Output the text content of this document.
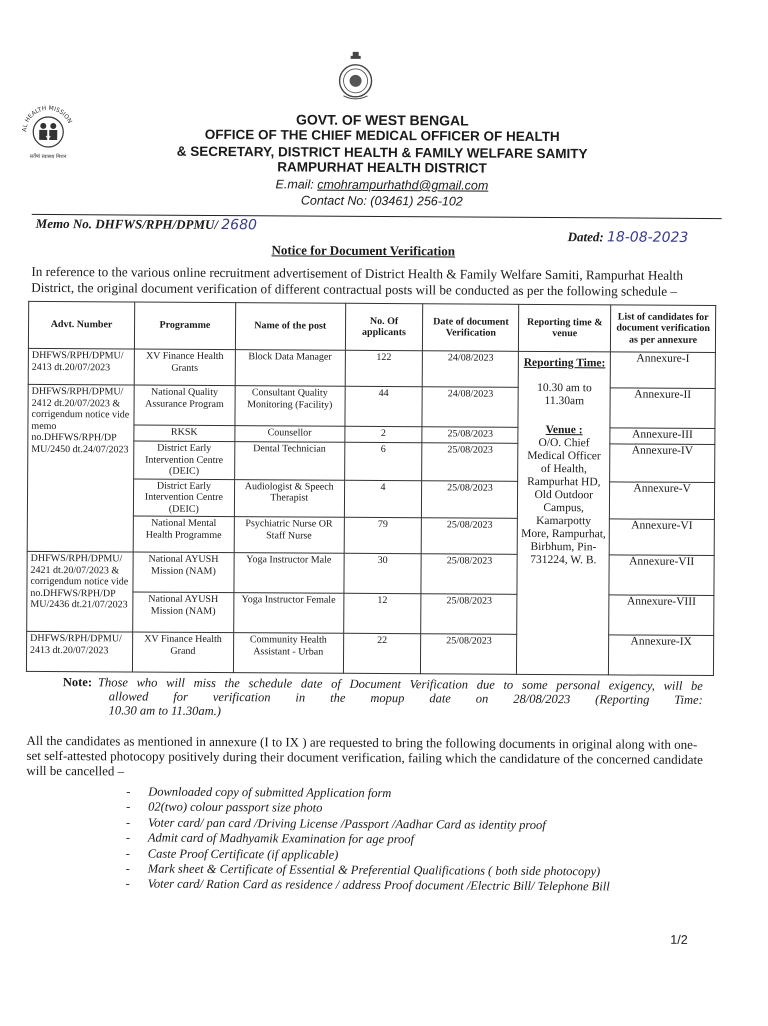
AL HEALTH MISSION
सर्वेषां स्वास्थ्य मिशन
GOVT. OF WEST BENGAL
OFFICE OF THE CHIEF MEDICAL OFFICER OF HEALTH
& SECRETARY, DISTRICT HEALTH & FAMILY WELFARE SAMITY
RAMPURHAT HEALTH DISTRICT
E.mail: cmohrampurhathd@gmail.com
Contact No: (03461) 256-102
Memo No. DHFWS/RPH/DPMU/ 2680
Dated: 18-08-2023
Notice for Document Verification
In reference to the various online recruitment advertisement of District Health & Family Welfare Samiti, Rampurhat Health District, the original document verification of different contractual posts will be conducted as per the following schedule –
Advt. Number	Programme	Name of the post	No. Of applicants	Date of document Verification	Reporting time & venue	List of candidates for document verification as per annexure
DHFWS/RPH/DPMU/ 2413 dt.20/07/2023	XV Finance Health Grants	Block Data Manager	122	24/08/2023	Reporting Time:
10.30 am to 11.30am
Venue :
O/O. Chief Medical Officer of Health, Rampurhat HD, Old Outdoor Campus, Kamarpotty More, Rampurhat, Birbhum, Pin- 731224, W. B.	Annexure-I
DHFWS/RPH/DPMU/ 2412 dt.20/07/2023 & corrigendum notice vide memo no.DHFWS/RPH/DP MU/2450 dt.24/07/2023	National Quality Assurance Program	Consultant Quality Monitoring (Facility)	44	24/08/2023		Annexure-II
	RKSK	Counsellor	2	25/08/2023		Annexure-III
	District Early Intervention Centre (DEIC)	Dental Technician	6	25/08/2023		Annexure-IV
	District Early Intervention Centre (DEIC)	Audiologist & Speech Therapist	4	25/08/2023		Annexure-V
	National Mental Health Programme	Psychiatric Nurse OR Staff Nurse	79	25/08/2023		Annexure-VI
DHFWS/RPH/DPMU/ 2421 dt.20/07/2023 & corrigendum notice vide no.DHFWS/RPH/DP MU/2436 dt.21/07/2023	National AYUSH Mission (NAM)	Yoga Instructor Male	30	25/08/2023		Annexure-VII
	National AYUSH Mission (NAM)	Yoga Instructor Female	12	25/08/2023		Annexure-VIII
DHFWS/RPH/DPMU/ 2413 dt.20/07/2023	XV Finance Health Grand	Community Health Assistant - Urban	22	25/08/2023		Annexure-IX
Note: Those who will miss the schedule date of Document Verification due to some personal exigency, will be
allowed for verification in the mopup date on 28/08/2023 (Reporting Time:
10.30 am to 11.30am.)
All the candidates as mentioned in annexure (I to IX ) are requested to bring the following documents in original along with one-set self-attested photocopy positively during their document verification, failing which the candidature of the concerned candidate will be cancelled –
- Downloaded copy of submitted Application form
- 02(two) colour passport size photo
- Voter card/ pan card /Driving License /Passport /Aadhar Card as identity proof
- Admit card of Madhyamik Examination for age proof
- Caste Proof Certificate (if applicable)
- Mark sheet & Certificate of Essential & Preferential Qualifications ( both side photocopy)
- Voter card/ Ration Card as residence / address Proof document /Electric Bill/ Telephone Bill
1/2
